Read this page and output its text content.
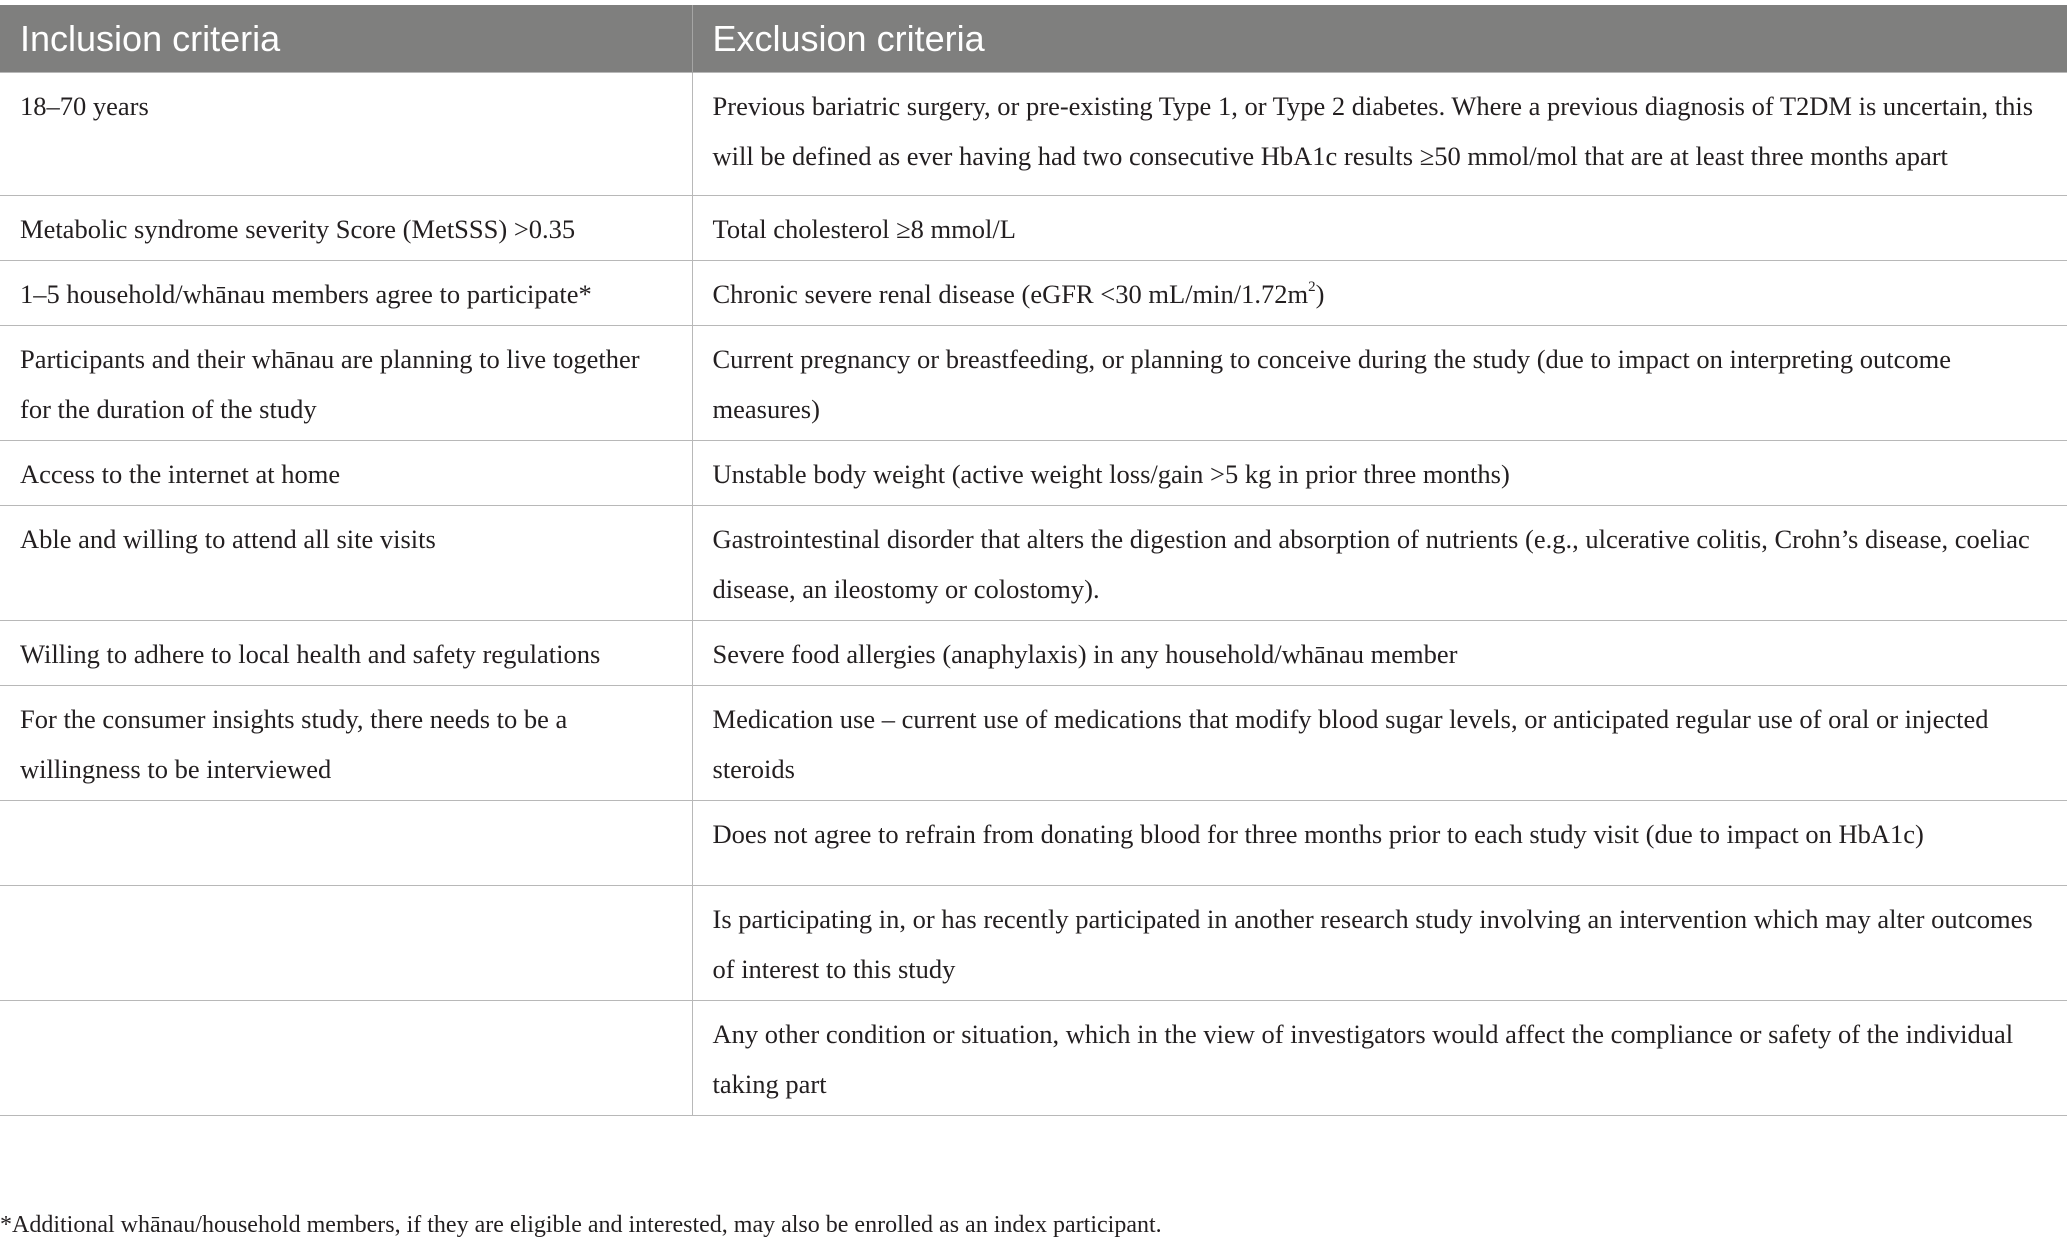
Inclusion criteria	Exclusion criteria
18–70 years	Previous bariatric surgery, or pre-existing Type 1, or Type 2 diabetes. Where a previous diagnosis of T2DM is uncertain, this will be defined as ever having had two consecutive HbA1c results ≥50 mmol/mol that are at least three months apart
Metabolic syndrome severity Score (MetSSS) >0.35	Total cholesterol ≥8 mmol/L
1–5 household/whānau members agree to participate*	Chronic severe renal disease (eGFR <30 $mL/\min/1.72m^2$)
Participants and their whānau are planning to live together for the duration of the study	Current pregnancy or breastfeeding, or planning to conceive during the study (due to impact on interpreting outcome measures)
Access to the internet at home	Unstable body weight (active weight loss/gain >5 kg in prior three months)
Able and willing to attend all site visits	Gastrointestinal disorder that alters the digestion and absorption of nutrients (e.g., ulcerative colitis, Crohn’s disease, coeliac disease, an ileostomy or colostomy).
Willing to adhere to local health and safety regulations	Severe food allergies (anaphylaxis) in any household/whānau member
For the consumer insights study, there needs to be a willingness to be interviewed	Medication use – current use of medications that modify blood sugar levels, or anticipated regular use of oral or injected steroids
	Does not agree to refrain from donating blood for three months prior to each study visit (due to impact on HbA1c)
	Is participating in, or has recently participated in another research study involving an intervention which may alter outcomes of interest to this study
	Any other condition or situation, which in the view of investigators would affect the compliance or safety of the individual taking part
*Additional whānau/household members, if they are eligible and interested, may also be enrolled as an index participant.
